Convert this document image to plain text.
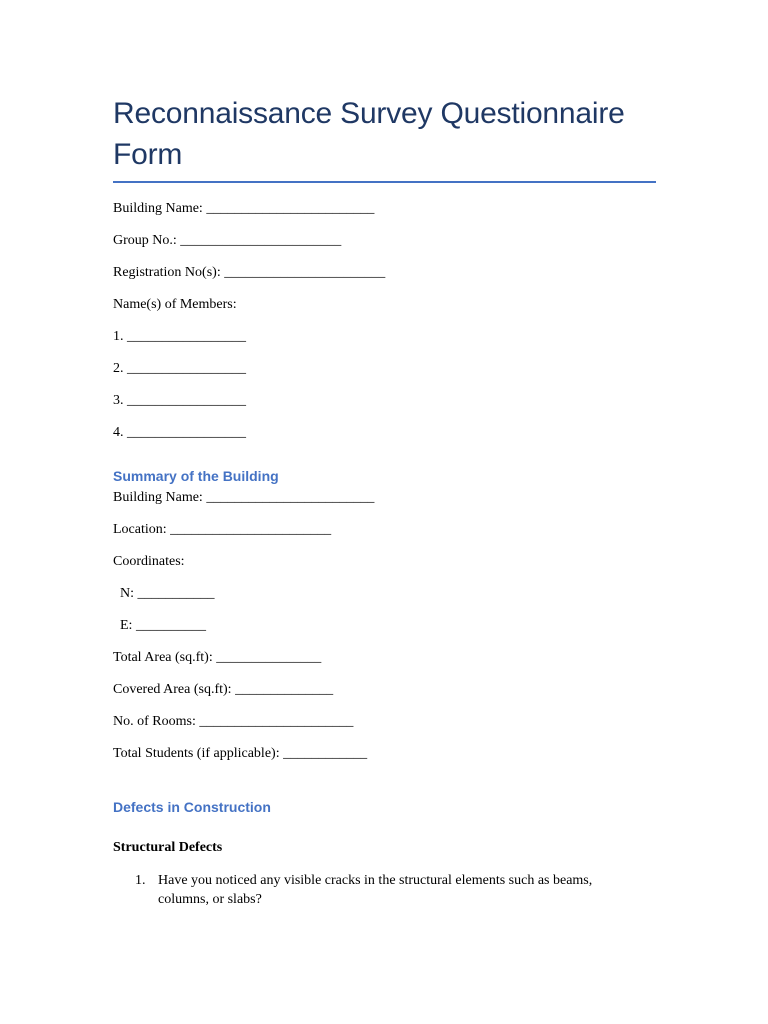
Reconnaissance Survey Questionnaire Form
Building Name: ________________________
Group No.: _______________________
Registration No(s): _______________________
Name(s) of Members:
1. _________________
2. _________________
3. _________________
4. _________________
Summary of the Building
Building Name: ________________________
Location: _______________________
Coordinates:
N: ___________
E: __________
Total Area (sq.ft): _______________
Covered Area (sq.ft): ______________
No. of Rooms: ______________________
Total Students (if applicable): ____________
Defects in Construction
Structural Defects
1. Have you noticed any visible cracks in the structural elements such as beams, columns, or slabs?
